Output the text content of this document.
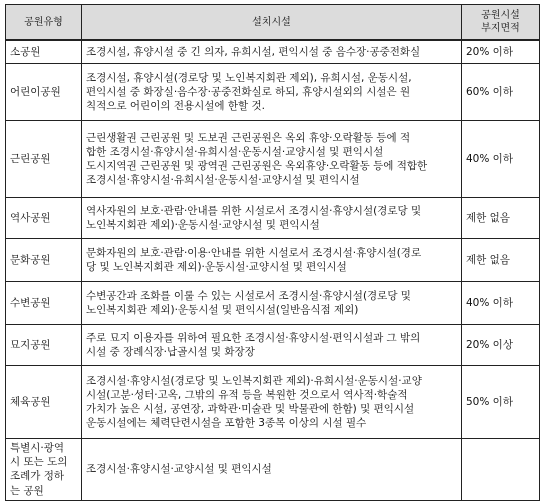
공원유형	설치시설	공원시설
부지면적

소공원	조경시설, 휴양시설 중 긴 의자, 유희시설, 편익시설 중 음수장·공중전화실	20% 이하

어린이공원	조경시설, 휴양시설(경로당 및 노인복지회관 제외), 유희시설, 운동시설,
편익시설 중 화장실·음수장·공중전화실로 하되, 휴양시설외의 시설은 원
칙적으로 어린이의 전용시설에 한할 것.	60% 이하

근린공원	근린생활권 근린공원 및 도보권 근린공원은 옥외 휴양·오락활동 등에 적
합한 조경시설·휴양시설·유희시설·운동시설·교양시설 및 편익시설
도시지역권 근린공원 및 광역권 근린공원은 옥외휴양·오락활동 등에 적합한
조경시설·휴양시설·유희시설·운동시설·교양시설 및 편익시설	40% 이하

역사공원	역사자원의 보호·관람·안내를 위한 시설로서 조경시설·휴양시설(경로당 및
노인복지회관 제외)·운동시설·교양시설 및 편익시설	제한 없음

문화공원	문화자원의 보호·관람·이용·안내를 위한 시설로서 조경시설·휴양시설(경로
당 및 노인복지회관 제외)·운동시설·교양시설 및 편익시설	제한 없음

수변공원	수변공간과 조화를 이룰 수 있는 시설로서 조경시설·휴양시설(경로당 및
노인복지회관 제외)·운동시설 및 편익시설(일반음식점 제외)	40% 이하

묘지공원	주로 묘지 이용자를 위하여 필요한 조경시설·휴양시설·편익시설과 그 밖의
시설 중 장례식장·납골시설 및 화장장	20% 이상

체육공원	조경시설·휴양시설(경로당 및 노인복지회관 제외)·유희시설·운동시설·교양
시설(고분·성터·고옥, 그밖의 유적 등을 복원한 것으로서 역사적·학술적
가치가 높은 시설, 공연장, 과학관·미술관 및 박물관에 한함) 및 편익시설
운동시설에는 체력단련시설을 포함한 3종목 이상의 시설 필수	50% 이하

특별시·광역
시 또는 도의
조례가 정하
는 공원	조경시설·휴양시설·교양시설 및 편익시설	
